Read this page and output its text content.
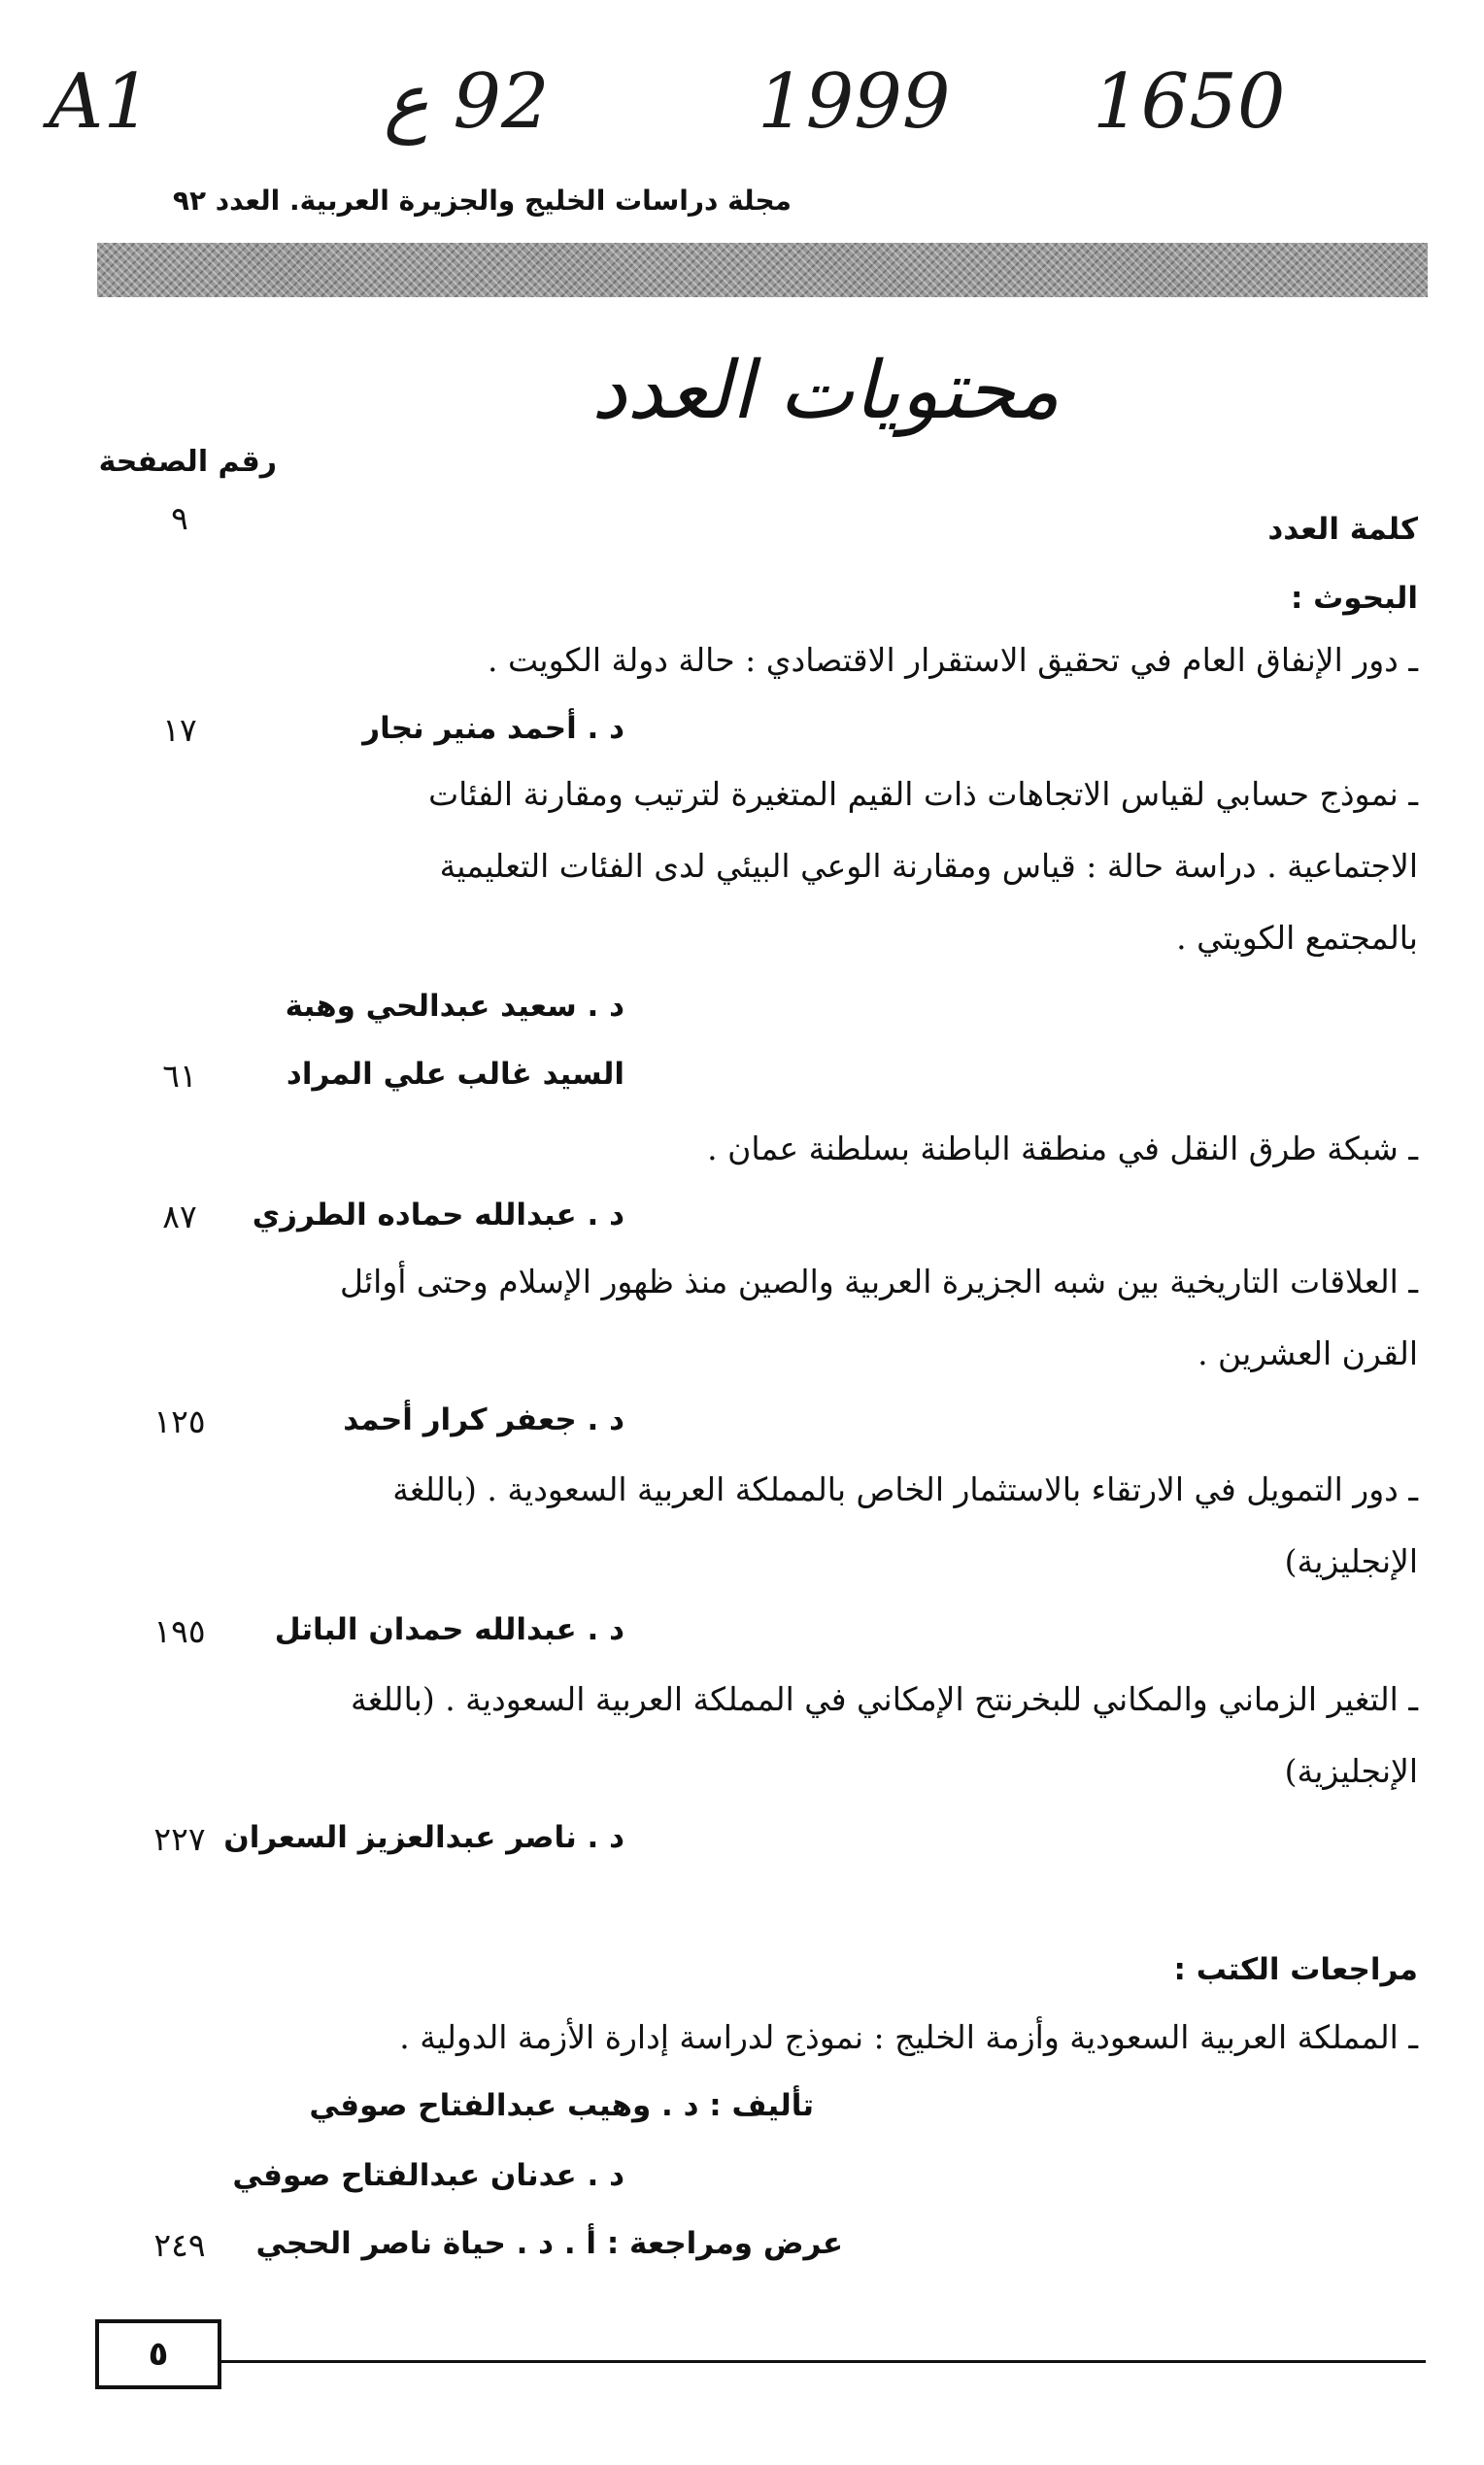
A1	92 ع	1999 1650
مجلة دراسات الخليج والجزيرة العربية. العدد ٩٢
محتويات العدد
رقم الصفحة
كلمة العدد
٩
البحوث :
ـ دور الإنفاق العام في تحقيق الاستقرار الاقتصادي : حالة دولة الكويت .
د . أحمد منير نجار
١٧
ـ نموذج حسابي لقياس الاتجاهات ذات القيم المتغيرة لترتيب ومقارنة الفئات
الاجتماعية . دراسة حالة : قياس ومقارنة الوعي البيئي لدى الفئات التعليمية
بالمجتمع الكويتي .
د . سعيد عبدالحي وهبة
السيد غالب علي المراد
٦١
ـ شبكة طرق النقل في منطقة الباطنة بسلطنة عمان .
د . عبدالله حماده الطرزي
٨٧
ـ العلاقات التاريخية بين شبه الجزيرة العربية والصين منذ ظهور الإسلام وحتى أوائل
القرن العشرين .
د . جعفر كرار أحمد
١٢٥
ـ دور التمويل في الارتقاء بالاستثمار الخاص بالمملكة العربية السعودية . (باللغة
الإنجليزية)
د . عبدالله حمدان الباتل
١٩٥
ـ التغير الزماني والمكاني للبخرنتح الإمكاني في المملكة العربية السعودية . (باللغة
الإنجليزية)
د . ناصر عبدالعزيز السعران
٢٢٧
مراجعات الكتب :
ـ المملكة العربية السعودية وأزمة الخليج : نموذج لدراسة إدارة الأزمة الدولية .
تأليف : د . وهيب عبدالفتاح صوفي
د . عدنان عبدالفتاح صوفي
عرض ومراجعة : أ . د . حياة ناصر الحجي
٢٤٩
٥
